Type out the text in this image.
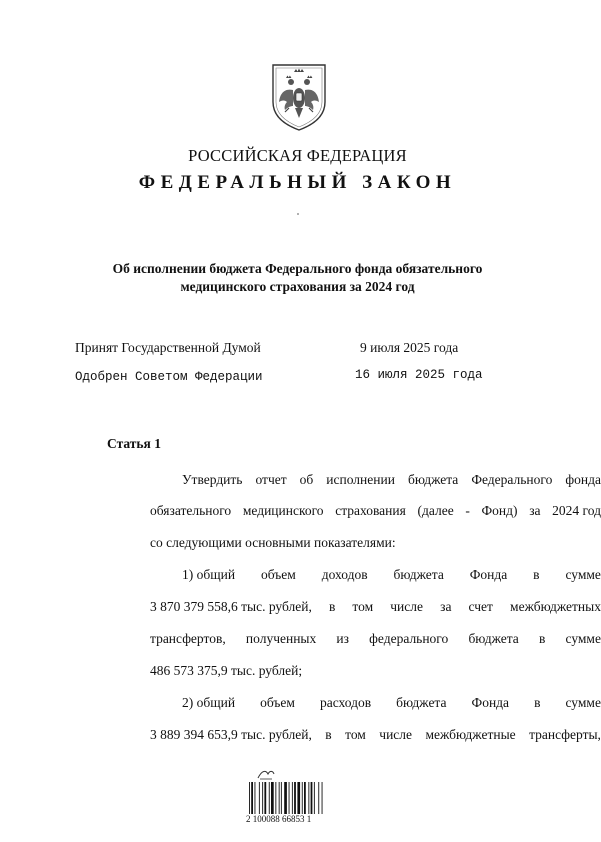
РОССИЙСКАЯ ФЕДЕРАЦИЯ
ФЕДЕРАЛЬНЫЙ ЗАКОН
Об исполнении бюджета Федерального фонда обязательного
медицинского страхования за 2024 год
Принят Государственной Думой	9 июля 2025 года
Одобрен Советом Федерации	16 июля 2025 года
Статья 1
Утвердить отчет об исполнении бюджета Федерального фонда
обязательного медицинского страхования (далее - Фонд) за 2024 год
со следующими основными показателями:
1) общий объем доходов бюджета Фонда в сумме
3 870 379 558,6 тыс. рублей, в том числе за счет межбюджетных
трансфертов, полученных из федерального бюджета в сумме
486 573 375,9 тыс. рублей;
2) общий объем расходов бюджета Фонда в сумме
3 889 394 653,9 тыс. рублей, в том числе межбюджетные трансферты,
2 100088 66853 1
